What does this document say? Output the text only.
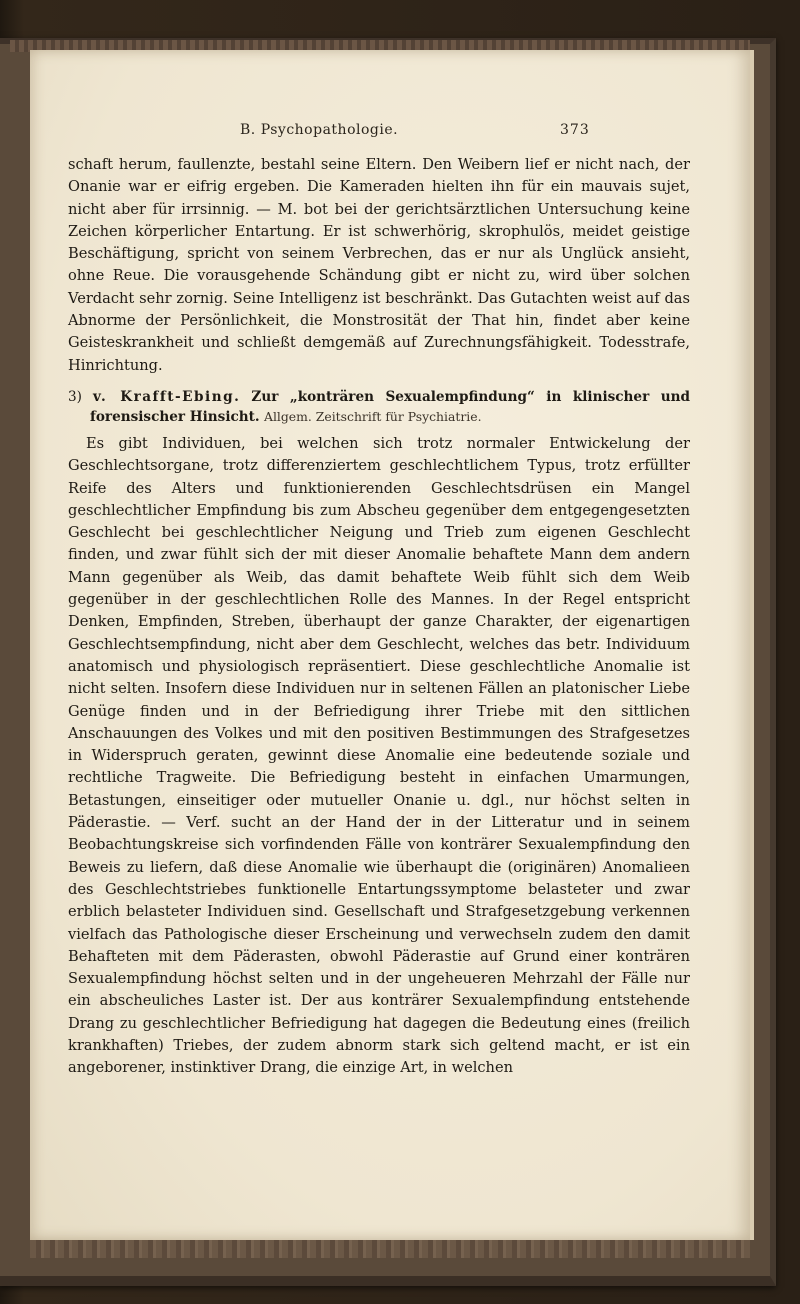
B. Psychopathologie.	373

schaft herum, faullenzte, bestahl seine Eltern. Den Weibern lief er nicht nach, der Onanie war er eifrig ergeben. Die Kameraden hielten ihn für ein mauvais sujet, nicht aber für irrsinnig. — M. bot bei der gerichtsärztlichen Untersuchung keine Zeichen körperlicher Entartung. Er ist schwerhörig, skrophulös, meidet geistige Beschäftigung, spricht von seinem Verbrechen, das er nur als Unglück ansieht, ohne Reue. Die vorausgehende Schändung gibt er nicht zu, wird über solchen Verdacht sehr zornig. Seine Intelligenz ist beschränkt. Das Gutachten weist auf das Abnorme der Persönlichkeit, die Monstrosität der That hin, findet aber keine Geisteskrankheit und schließt demgemäß auf Zurechnungsfähigkeit. Todesstrafe, Hinrichtung.

3) v. Krafft-Ebing. Zur „konträren Sexualempfindung“ in klinischer und forensischer Hinsicht. Allgem. Zeitschrift für Psychiatrie.

Es gibt Individuen, bei welchen sich trotz normaler Entwickelung der Geschlechtsorgane, trotz differenziertem geschlechtlichem Typus, trotz erfüllter Reife des Alters und funktionierenden Geschlechtsdrüsen ein Mangel geschlechtlicher Empfindung bis zum Abscheu gegenüber dem entgegengesetzten Geschlecht bei geschlechtlicher Neigung und Trieb zum eigenen Geschlecht finden, und zwar fühlt sich der mit dieser Anomalie behaftete Mann dem andern Mann gegenüber als Weib, das damit behaftete Weib fühlt sich dem Weib gegenüber in der geschlechtlichen Rolle des Mannes. In der Regel entspricht Denken, Empfinden, Streben, überhaupt der ganze Charakter, der eigenartigen Geschlechtsempfindung, nicht aber dem Geschlecht, welches das betr. Individuum anatomisch und physiologisch repräsentiert. Diese geschlechtliche Anomalie ist nicht selten. Insofern diese Individuen nur in seltenen Fällen an platonischer Liebe Genüge finden und in der Befriedigung ihrer Triebe mit den sittlichen Anschauungen des Volkes und mit den positiven Bestimmungen des Strafgesetzes in Widerspruch geraten, gewinnt diese Anomalie eine bedeutende soziale und rechtliche Tragweite. Die Befriedigung besteht in einfachen Umarmungen, Betastungen, einseitiger oder mutueller Onanie u. dgl., nur höchst selten in Päderastie. — Verf. sucht an der Hand der in der Litteratur und in seinem Beobachtungskreise sich vorfindenden Fälle von konträrer Sexualempfindung den Beweis zu liefern, daß diese Anomalie wie überhaupt die (originären) Anomalieen des Geschlechtstriebes funktionelle Entartungssymptome belasteter und zwar erblich belasteter Individuen sind. Gesellschaft und Strafgesetzgebung verkennen vielfach das Pathologische dieser Erscheinung und verwechseln zudem den damit Behafteten mit dem Päderasten, obwohl Päderastie auf Grund einer konträren Sexualempfindung höchst selten und in der ungeheueren Mehrzahl der Fälle nur ein abscheuliches Laster ist. Der aus konträrer Sexualempfindung entstehende Drang zu geschlechtlicher Befriedigung hat dagegen die Bedeutung eines (freilich krankhaften) Triebes, der zudem abnorm stark sich geltend macht, er ist ein angeborener, instinktiver Drang, die einzige Art, in welchen
